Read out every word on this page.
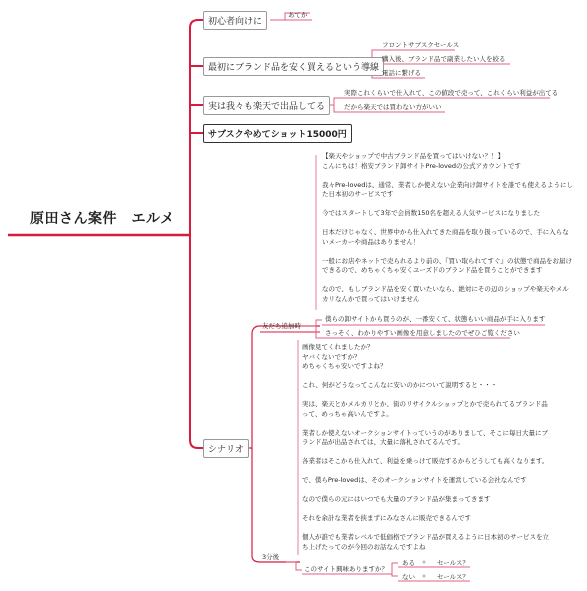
原田さん案件　エルメ
初心者向けに
あてか
最初にブランド品を安く買えるという導線
フロントサブスクセールス
購入後、ブランド品で副業したい人を絞る
電話に繋げる
実は我々も楽天で出品してる
実際これくらいで仕入れて、この値段で売って、これくらい利益が出てる
だから楽天では買わない方がいい
サブスクやめてショット15000円
【楽天やショップで中古ブランド品を買ってはいけない？！】
こんにちは！格安ブランド卸サイトPre-lovedの公式アカウントです

我々Pre-lovedは、通常、業者しか使えない企業向け卸サイトを誰でも使えるようにした日本初のサービスです

今ではスタートして3年で会員数150名を超える人気サービスになりました

日本だけじゃなく、世界中から仕入れてきた商品を取り扱っているので、手に入らないメーカーや商品はありません！

一般にお店やネットで売られるより前の、『買い取られてすぐ』の状態で商品をお届けできるので、めちゃくちゃ安くユーズドのブランド品を買うことができます

なので、もしブランド品を安く買いたいなら、絶対にその辺のショップや楽天やメルカリなんかで買ってはいけません
シナリオ
友だち追加時
僕らの卸サイトから買うのが、一番安くて、状態もいい商品が手に入ります
さっそく、わかりやすい画像を用意しましたのでぜひご覧ください
画像見てくれましたか？
ヤバくないですか？
めちゃくちゃ安いですよね？

これ、何がどうなってこんなに安いのかについて説明すると・・・

実は、楽天とかメルカリとか、街のリサイクルショップとかで売られてるブランド品って、めっちゃ高いんですよ。

業者しか使えないオークションサイトっていうのがありまして、そこに毎日大量にブランド品が出品されては、大量に落札されてるんです。

各業者はそこから仕入れて、利益を乗っけて販売するからどうしても高くなります。

で、僕らPre-lovedは、そのオークションサイトを運営している会社なんです

なので僕らの元にはいつでも大量のブランド品が集まってきます

それを余計な業者を挟まずにみなさんに販売できるんです

個人が誰でも業者レベルで低価格でブランド品が買えるように日本初のサービスを立ち上げたってのが今回のお話なんですよね
3分後
このサイト興味ありますか？
ある	セールス？
ない	セールス？
